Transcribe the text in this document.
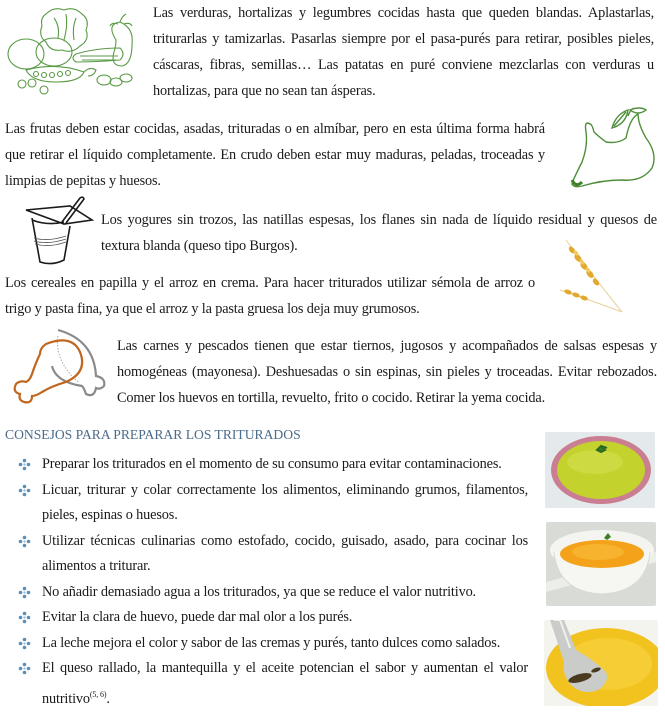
Las verduras, hortalizas y legumbres cocidas hasta que queden blandas. Aplastarlas, triturarlas y tamizarlas. Pasarlas siempre por el pasa-purés para retirar, posibles pieles, cáscaras, fibras, semillas… Las patatas en puré conviene mezclarlas con verduras u hortalizas, para que no sean tan ásperas.

Las frutas deben estar cocidas, asadas, trituradas o en almíbar, pero en esta última forma habrá que retirar el líquido completamente. En crudo deben estar muy maduras, peladas, troceadas y limpias de pepitas y huesos.

Los yogures sin trozos, las natillas espesas, los flanes sin nada de líquido residual y quesos de textura blanda (queso tipo Burgos).

Los cereales en papilla y el arroz en crema. Para hacer triturados utilizar sémola de arroz o trigo y pasta fina, ya que el arroz y la pasta gruesa los deja muy grumosos.

Las carnes y pescados tienen que estar tiernos, jugosos y acompañados de salsas espesas y homogéneas (mayonesa). Deshuesadas o sin espinas, sin pieles y troceadas. Evitar rebozados. Comer los huevos en tortilla, revuelto, frito o cocido. Retirar la yema cocida.

CONSEJOS PARA PREPARAR LOS TRITURADOS
Preparar los triturados en el momento de su consumo para evitar contaminaciones.
Licuar, triturar y colar correctamente los alimentos, eliminando grumos, filamentos, pieles, espinas o huesos.
Utilizar técnicas culinarias como estofado, cocido, guisado, asado, para cocinar los alimentos a triturar.
No añadir demasiado agua a los triturados, ya que se reduce el valor nutritivo.
Evitar la clara de huevo, puede dar mal olor a los purés.
La leche mejora el color y sabor de las cremas y purés, tanto dulces como salados.
El queso rallado, la mantequilla y el aceite potencian el sabor y aumentan el valor nutritivo$^{(5, 6)}$.
